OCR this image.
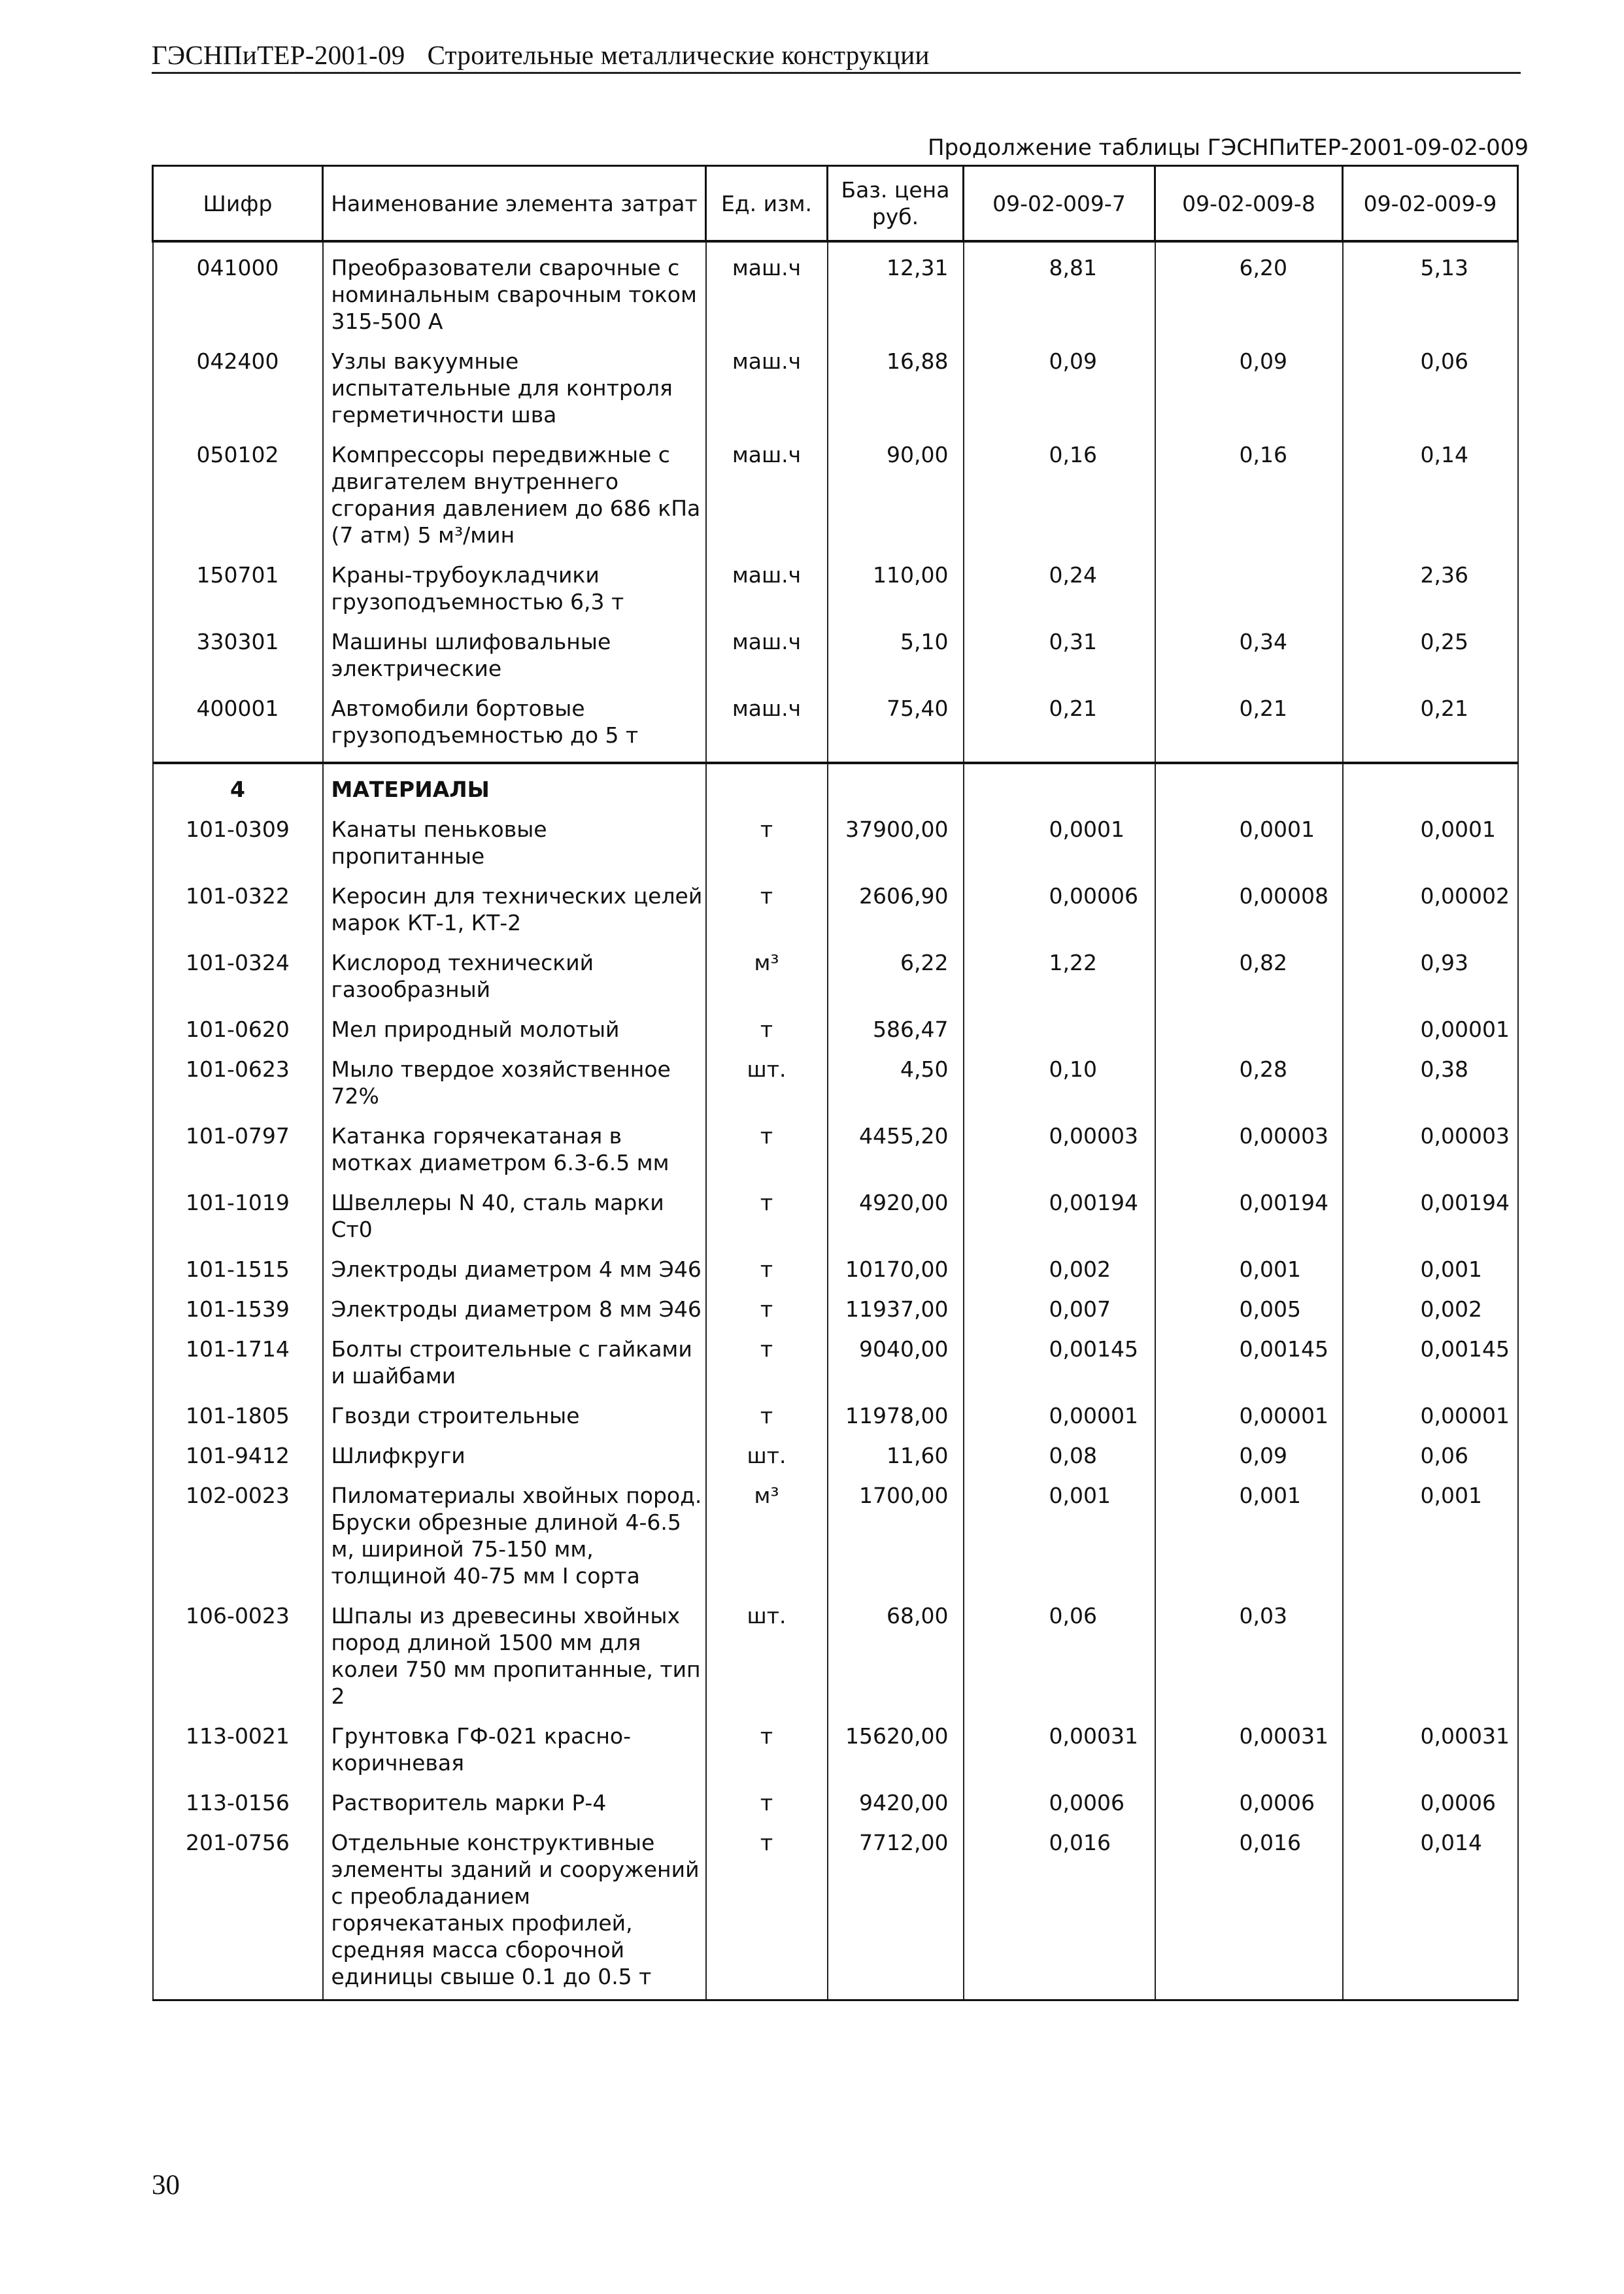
ГЭСНПиТЕР-2001-09 Строительные металлические конструкции
Продолжение таблицы ГЭСНПиТЕР-2001-09-02-009
Шифр	Наименование элемента затрат	Ед. изм.	Баз. цена руб.	09-02-009-7	09-02-009-8	09-02-009-9
041000	Преобразователи сварочные с номинальным сварочным током 315-500 А	маш.ч	12,31	8,81	6,20	5,13
042400	Узлы вакуумные испытательные для контроля герметичности шва	маш.ч	16,88	0,09	0,09	0,06
050102	Компрессоры передвижные с двигателем внутреннего сгорания давлением до 686 кПа (7 атм) 5 м³/мин	маш.ч	90,00	0,16	0,16	0,14
150701	Краны-трубоукладчики грузоподъемностью 6,3 т	маш.ч	110,00	0,24		2,36
330301	Машины шлифовальные электрические	маш.ч	5,10	0,31	0,34	0,25
400001	Автомобили бортовые грузоподъемностью до 5 т	маш.ч	75,40	0,21	0,21	0,21
4	МАТЕРИАЛЫ					
101-0309	Канаты пеньковые пропитанные	т	37900,00	0,0001	0,0001	0,0001
101-0322	Керосин для технических целей марок КТ-1, КТ-2	т	2606,90	0,00006	0,00008	0,00002
101-0324	Кислород технический газообразный	м³	6,22	1,22	0,82	0,93
101-0620	Мел природный молотый	т	586,47			0,00001
101-0623	Мыло твердое хозяйственное 72%	шт.	4,50	0,10	0,28	0,38
101-0797	Катанка горячекатаная в мотках диаметром 6.3-6.5 мм	т	4455,20	0,00003	0,00003	0,00003
101-1019	Швеллеры N 40, сталь марки Ст0	т	4920,00	0,00194	0,00194	0,00194
101-1515	Электроды диаметром 4 мм Э46	т	10170,00	0,002	0,001	0,001
101-1539	Электроды диаметром 8 мм Э46	т	11937,00	0,007	0,005	0,002
101-1714	Болты строительные с гайками и шайбами	т	9040,00	0,00145	0,00145	0,00145
101-1805	Гвозди строительные	т	11978,00	0,00001	0,00001	0,00001
101-9412	Шлифкруги	шт.	11,60	0,08	0,09	0,06
102-0023	Пиломатериалы хвойных пород. Бруски обрезные длиной 4-6.5 м, шириной 75-150 мм, толщиной 40-75 мм I сорта	м³	1700,00	0,001	0,001	0,001
106-0023	Шпалы из древесины хвойных пород длиной 1500 мм для колеи 750 мм пропитанные, тип 2	шт.	68,00	0,06	0,03	
113-0021	Грунтовка ГФ-021 красно-коричневая	т	15620,00	0,00031	0,00031	0,00031
113-0156	Растворитель марки Р-4	т	9420,00	0,0006	0,0006	0,0006
201-0756	Отдельные конструктивные элементы зданий и сооружений с преобладанием горячекатаных профилей, средняя масса сборочной единицы свыше 0.1 до 0.5 т	т	7712,00	0,016	0,016	0,014
30
